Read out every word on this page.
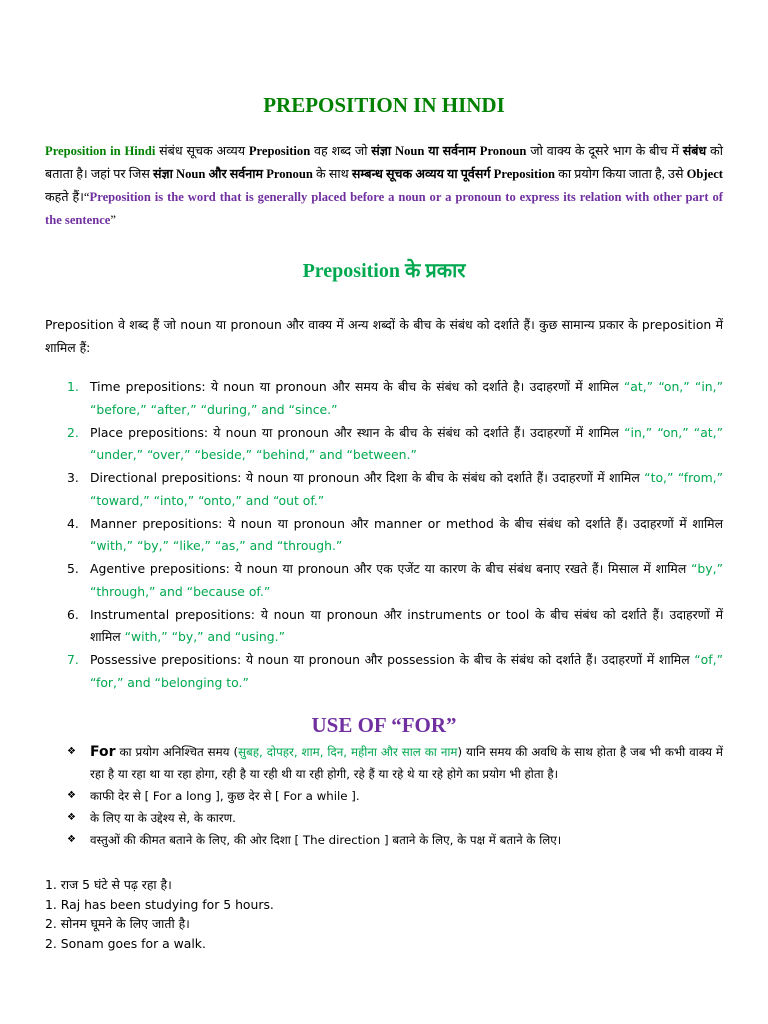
PREPOSITION IN HINDI
Preposition in Hindi संबंध सूचक अव्यय Preposition वह शब्द जो संज्ञा Noun या सर्वनाम Pronoun जो वाक्य के दूसरे भाग के बीच में संबंध को बताता है। जहां पर जिस संज्ञा Noun और सर्वनाम Pronoun के साथ सम्बन्ध सूचक अव्यय या पूर्वसर्ग Preposition का प्रयोग किया जाता है, उसे Object कहते हैं।“Preposition is the word that is generally placed before a noun or a pronoun to express its relation with other part of the sentence”
Preposition के प्रकार
Preposition वे शब्द हैं जो noun या pronoun और वाक्य में अन्य शब्दों के बीच के संबंध को दर्शाते हैं। कुछ सामान्य प्रकार के preposition में शामिल हैं:
1. Time prepositions: ये noun या pronoun और समय के बीच के संबंध को दर्शाते है। उदाहरणों में शामिल “at,” “on,” “in,” “before,” “after,” “during,” and “since.”
2. Place prepositions: ये noun या pronoun और स्थान के बीच के संबंध को दर्शाते हैं। उदाहरणों में शामिल “in,” “on,” “at,” “under,” “over,” “beside,” “behind,” and “between.”
3. Directional prepositions: ये noun या pronoun और दिशा के बीच के संबंध को दर्शाते हैं। उदाहरणों में शामिल “to,” “from,” “toward,” “into,” “onto,” and “out of.”
4. Manner prepositions: ये noun या pronoun और manner or method के बीच संबंध को दर्शाते हैं। उदाहरणों में शामिल “with,” “by,” “like,” “as,” and “through.”
5. Agentive prepositions: ये noun या pronoun और एक एजेंट या कारण के बीच संबंध बनाए रखते हैं। मिसाल में शामिल “by,” “through,” and “because of.”
6. Instrumental prepositions: ये noun या pronoun और instruments or tool के बीच संबंध को दर्शाते हैं। उदाहरणों में शामिल “with,” “by,” and “using.”
7. Possessive prepositions: ये noun या pronoun और possession के बीच के संबंध को दर्शाते हैं। उदाहरणों में शामिल “of,” “for,” and “belonging to.”
USE OF “FOR”
❖ For का प्रयोग अनिश्चित समय (सुबह, दोपहर, शाम, दिन, महीना और साल का नाम) यानि समय की अवधि के साथ होता है जब भी कभी वाक्य में रहा है या रहा था या रहा होगा, रही है या रही थी या रही होगी, रहे हैं या रहे थे या रहे होगे का प्रयोग भी होता है।
❖ काफी देर से [ For a long ], कुछ देर से [ For a while ].
❖ के लिए या के उद्देश्य से, के कारण.
❖ वस्तुओं की कीमत बताने के लिए, की ओर दिशा [ The direction ] बताने के लिए, के पक्ष में बताने के लिए।
1. राज 5 घंटे से पढ़ रहा है।
1. Raj has been studying for 5 hours.
2. सोनम घूमने के लिए जाती है।
2. Sonam goes for a walk.
